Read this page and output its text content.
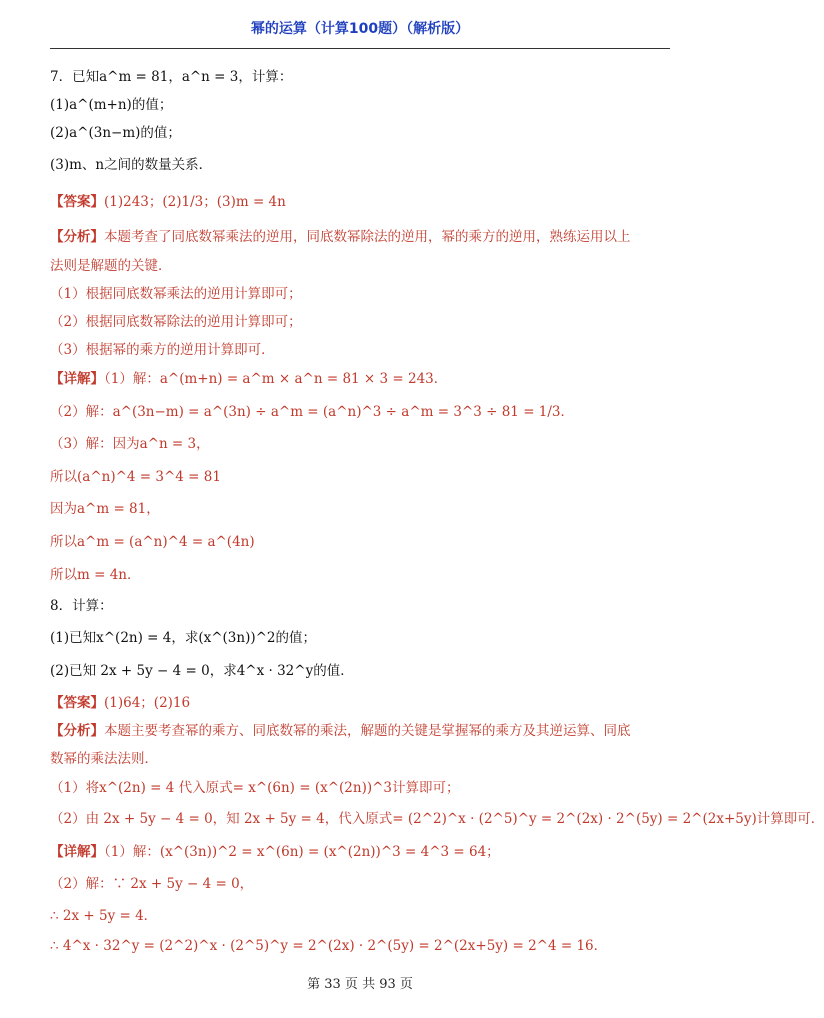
幂的运算（计算100题）（解析版）
7．已知a^m = 81，a^n = 3，计算：
(1)a^(m+n)的值；
(2)a^(3n−m)的值；
(3)m、n之间的数量关系．
【答案】(1)243；(2)1/3；(3)m = 4n
【分析】本题考查了同底数幂乘法的逆用，同底数幂除法的逆用，幂的乘方的逆用，熟练运用以上
法则是解题的关键．
（1）根据同底数幂乘法的逆用计算即可；
（2）根据同底数幂除法的逆用计算即可；
（3）根据幂的乘方的逆用计算即可．
【详解】（1）解：a^(m+n) = a^m × a^n = 81 × 3 = 243．
（2）解：a^(3n−m) = a^(3n) ÷ a^m = (a^n)^3 ÷ a^m = 3^3 ÷ 81 = 1/3．
（3）解：因为a^n = 3，
所以(a^n)^4 = 3^4 = 81
因为a^m = 81，
所以a^m = (a^n)^4 = a^(4n)
所以m = 4n．
8．计算：
(1)已知x^(2n) = 4，求(x^(3n))^2的值；
(2)已知 2x + 5y − 4 = 0，求4^x · 32^y的值．
【答案】(1)64；(2)16
【分析】本题主要考查幂的乘方、同底数幂的乘法，解题的关键是掌握幂的乘方及其逆运算、同底
数幂的乘法法则．
（1）将x^(2n) = 4 代入原式= x^(6n) = (x^(2n))^3计算即可；
（2）由 2x + 5y − 4 = 0，知 2x + 5y = 4，代入原式= (2^2)^x · (2^5)^y = 2^(2x) · 2^(5y) = 2^(2x+5y)计算即可．
【详解】（1）解：(x^(3n))^2 = x^(6n) = (x^(2n))^3 = 4^3 = 64；
（2）解：∵ 2x + 5y − 4 = 0，
∴ 2x + 5y = 4．
∴ 4^x · 32^y = (2^2)^x · (2^5)^y = 2^(2x) · 2^(5y) = 2^(2x+5y) = 2^4 = 16．
第 33 页 共 93 页
